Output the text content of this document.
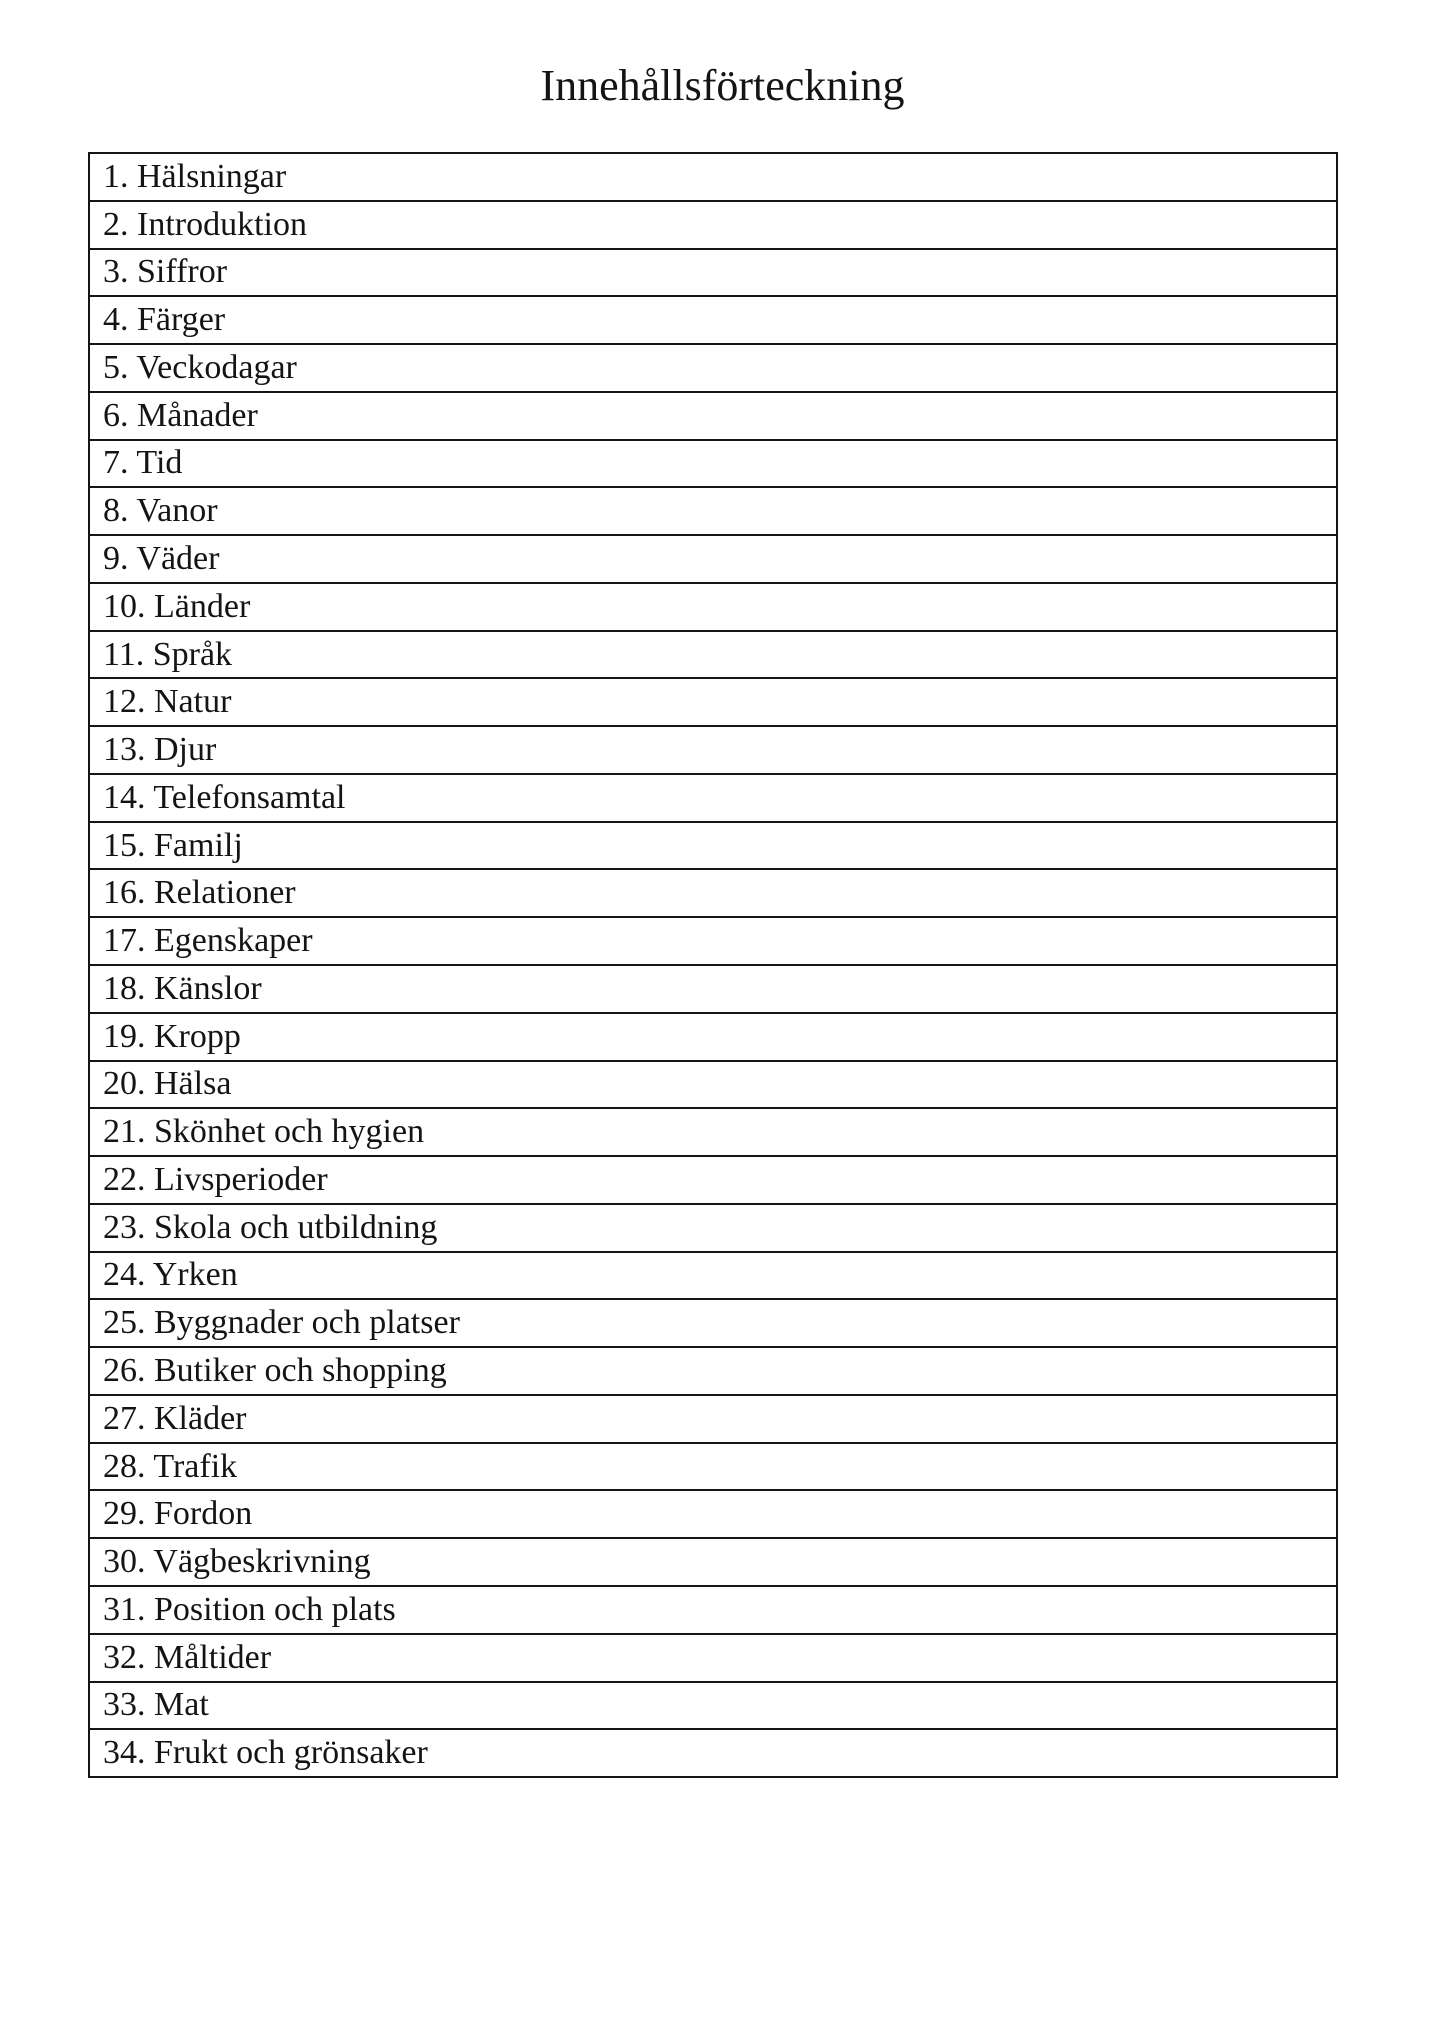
Innehållsförteckning
1. Hälsningar
2. Introduktion
3. Siffror
4. Färger
5. Veckodagar
6. Månader
7. Tid
8. Vanor
9. Väder
10. Länder
11. Språk
12. Natur
13. Djur
14. Telefonsamtal
15. Familj
16. Relationer
17. Egenskaper
18. Känslor
19. Kropp
20. Hälsa
21. Skönhet och hygien
22. Livsperioder
23. Skola och utbildning
24. Yrken
25. Byggnader och platser
26. Butiker och shopping
27. Kläder
28. Trafik
29. Fordon
30. Vägbeskrivning
31. Position och plats
32. Måltider
33. Mat
34. Frukt och grönsaker
